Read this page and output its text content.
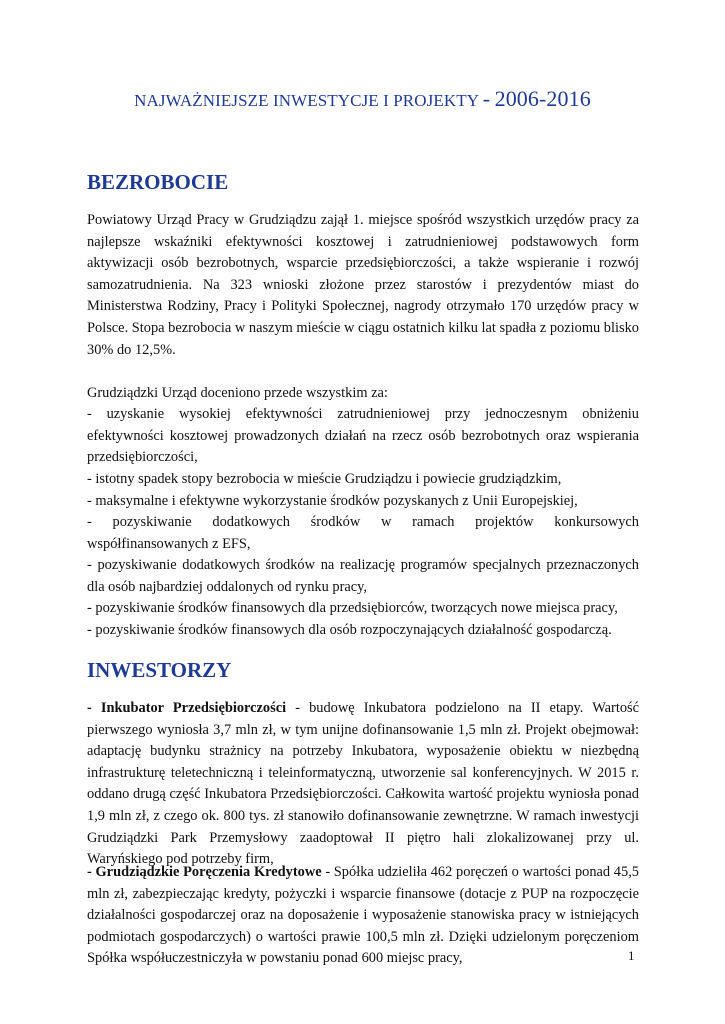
NAJWAŻNIEJSZE INWESTYCJE I PROJEKTY - 2006-2016
BEZROBOCIE

Powiatowy Urząd Pracy w Grudziądzu zajął 1. miejsce spośród wszystkich urzędów pracy za najlepsze wskaźniki efektywności kosztowej i zatrudnieniowej podstawowych form aktywizacji osób bezrobotnych, wsparcie przedsiębiorczości, a także wspieranie i rozwój samozatrudnienia. Na 323 wnioski złożone przez starostów i prezydentów miast do Ministerstwa Rodziny, Pracy i Polityki Społecznej, nagrody otrzymało 170 urzędów pracy w Polsce. Stopa bezrobocia w naszym mieście w ciągu ostatnich kilku lat spadła z poziomu blisko 30% do 12,5%.

Grudziądzki Urząd doceniono przede wszystkim za:

- uzyskanie wysokiej efektywności zatrudnieniowej przy jednoczesnym obniżeniu efektywności kosztowej prowadzonych działań na rzecz osób bezrobotnych oraz wspierania przedsiębiorczości,

- istotny spadek stopy bezrobocia w mieście Grudziądzu i powiecie grudziądzkim,

- maksymalne i efektywne wykorzystanie środków pozyskanych z Unii Europejskiej,

- pozyskiwanie dodatkowych środków w ramach projektów konkursowych współfinansowanych z EFS,

- pozyskiwanie dodatkowych środków na realizację programów specjalnych przeznaczonych dla osób najbardziej oddalonych od rynku pracy,

- pozyskiwanie środków finansowych dla przedsiębiorców, tworzących nowe miejsca pracy,

- pozyskiwanie środków finansowych dla osób rozpoczynających działalność gospodarczą.

INWESTORZY

- Inkubator Przedsiębiorczości - budowę Inkubatora podzielono na II etapy. Wartość pierwszego wyniosła 3,7 mln zł, w tym unijne dofinansowanie 1,5 mln zł. Projekt obejmował: adaptację budynku strażnicy na potrzeby Inkubatora, wyposażenie obiektu w niezbędną infrastrukturę teletechniczną i teleinformatyczną, utworzenie sal konferencyjnych. W 2015 r. oddano drugą część Inkubatora Przedsiębiorczości. Całkowita wartość projektu wyniosła ponad 1,9 mln zł, z czego ok. 800 tys. zł stanowiło dofinansowanie zewnętrzne. W ramach inwestycji Grudziądzki Park Przemysłowy zaadoptował II piętro hali zlokalizowanej przy ul. Waryńskiego pod potrzeby firm,

- Grudziądzkie Poręczenia Kredytowe - Spółka udzieliła 462 poręczeń o wartości ponad 45,5 mln zł, zabezpieczając kredyty, pożyczki i wsparcie finansowe (dotacje z PUP na rozpoczęcie działalności gospodarczej oraz na doposażenie i wyposażenie stanowiska pracy w istniejących podmiotach gospodarczych) o wartości prawie 100,5 mln zł. Dzięki udzielonym poręczeniom Spółka współuczestniczyła w powstaniu ponad 600 miejsc pracy,	1
